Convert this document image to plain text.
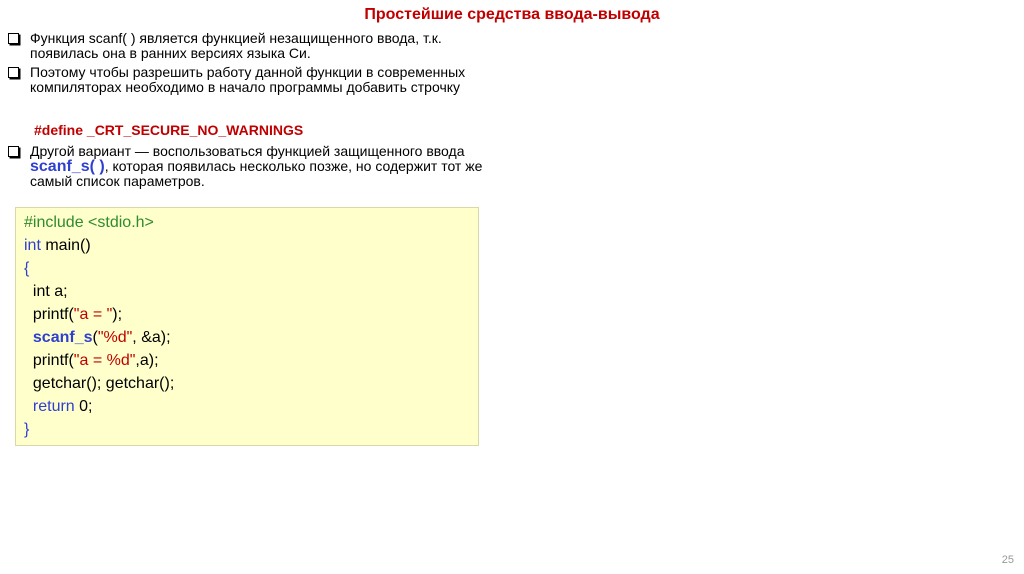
Простейшие средства ввода-вывода
Функция scanf( ) является функцией незащищенного ввода, т.к. появилась она в ранних версиях языка Си.
Поэтому чтобы разрешить работу данной функции в современных компиляторах необходимо в начало программы добавить строчку
#define _CRT_SECURE_NO_WARNINGS
Другой вариант — воспользоваться функцией защищенного ввода scanf_s( ), которая появилась несколько позже, но содержит тот же самый список параметров.
#include <stdio.h>
int main()
{
int a;
printf("a = ");
scanf_s("%d", &a);
printf("a = %d",a);
getchar(); getchar();
return 0;
}
25
